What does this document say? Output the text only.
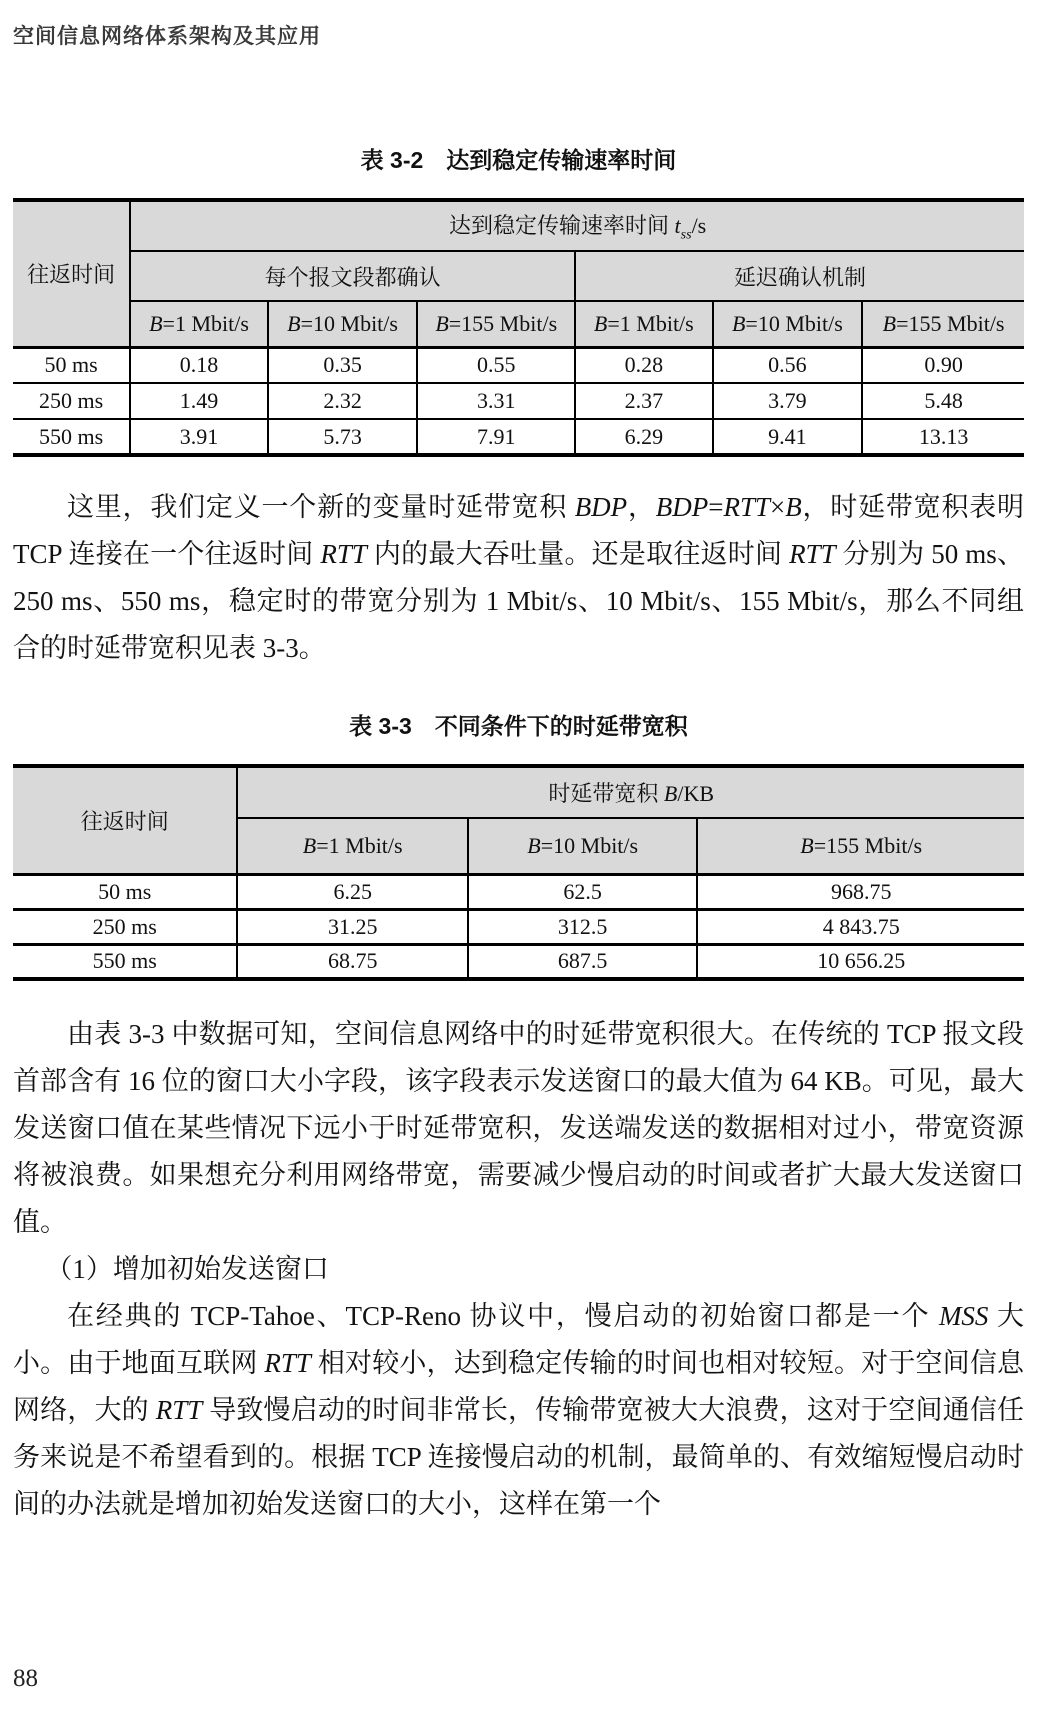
空间信息网络体系架构及其应用

表 3-2　达到稳定传输速率时间

往返时间	达到稳定传输速率时间 $t_{ss}/s$					
	每个报文段都确认			延迟确认机制		
	B=1 Mbit/s	B=10 Mbit/s	B=155 Mbit/s	B=1 Mbit/s	B=10 Mbit/s	B=155 Mbit/s
50 ms	0.18	0.35	0.55	0.28	0.56	0.90
250 ms	1.49	2.32	3.31	2.37	3.79	5.48
550 ms	3.91	5.73	7.91	6.29	9.41	13.13

这里，我们定义一个新的变量时延带宽积 BDP，BDP=RTT×B，时延带宽积表明 TCP 连接在一个往返时间 RTT 内的最大吞吐量。还是取往返时间 RTT 分别为 50 ms、250 ms、550 ms，稳定时的带宽分别为 1 Mbit/s、10 Mbit/s、155 Mbit/s，那么不同组合的时延带宽积见表 3-3。

表 3-3　不同条件下的时延带宽积

往返时间	时延带宽积 B/KB		
	B=1 Mbit/s	B=10 Mbit/s	B=155 Mbit/s
50 ms	6.25	62.5	968.75
250 ms	31.25	312.5	4 843.75
550 ms	68.75	687.5	10 656.25

由表 3-3 中数据可知，空间信息网络中的时延带宽积很大。在传统的 TCP 报文段首部含有 16 位的窗口大小字段，该字段表示发送窗口的最大值为 64 KB。可见，最大发送窗口值在某些情况下远小于时延带宽积，发送端发送的数据相对过小，带宽资源将被浪费。如果想充分利用网络带宽，需要减少慢启动的时间或者扩大最大发送窗口值。

（1）增加初始发送窗口

在经典的 TCP-Tahoe、TCP-Reno 协议中，慢启动的初始窗口都是一个 MSS 大小。由于地面互联网 RTT 相对较小，达到稳定传输的时间也相对较短。对于空间信息网络，大的 RTT 导致慢启动的时间非常长，传输带宽被大大浪费，这对于空间通信任务来说是不希望看到的。根据 TCP 连接慢启动的机制，最简单的、有效缩短慢启动时间的办法就是增加初始发送窗口的大小，这样在第一个

88
